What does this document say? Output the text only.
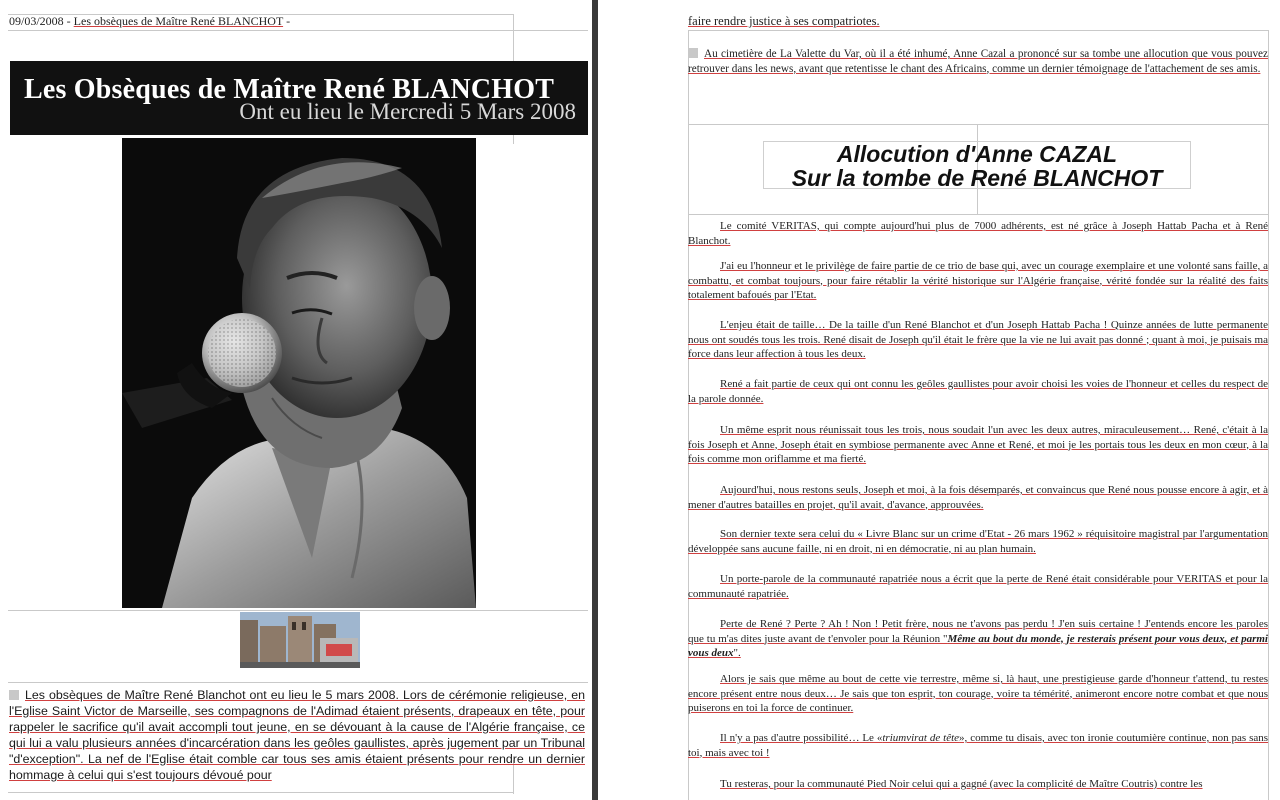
09/03/2008 - Les obsèques de Maître René BLANCHOT -
Les Obsèques de Maître René BLANCHOT
Ont eu lieu le Mercredi 5 Mars 2008
Les obsèques de Maître René Blanchot ont eu lieu le 5 mars 2008. Lors de cérémonie religieuse, en l'Eglise Saint Victor de Marseille, ses compagnons de l'Adimad étaient présents, drapeaux en tête, pour rappeler le sacrifice qu'il avait accompli tout jeune, en se dévouant à la cause de l'Algérie française, ce qui lui a valu plusieurs années d'incarcération dans les geôles gaullistes, après jugement par un Tribunal "d'exception". La nef de l'Eglise était comble car tous ses amis étaient présents pour rendre un dernier hommage à celui qui s'est toujours dévoué pour
faire rendre justice à ses compatriotes.
Au cimetière de La Valette du Var, où il a été inhumé, Anne Cazal a prononcé sur sa tombe une allocution que vous pouvez retrouver dans les news, avant que retentisse le chant des Africains, comme un dernier témoignage de l'attachement de ses amis.
Allocution d'Anne CAZAL
Sur la tombe de René BLANCHOT
Le comité VERITAS, qui compte aujourd'hui plus de 7000 adhérents, est né grâce à Joseph Hattab Pacha et à René Blanchot.
J'ai eu l'honneur et le privilège de faire partie de ce trio de base qui, avec un courage exemplaire et une volonté sans faille, a combattu, et combat toujours, pour faire rétablir la vérité historique sur l'Algérie française, vérité fondée sur la réalité des faits totalement bafoués par l'Etat.
L'enjeu était de taille… De la taille d'un René Blanchot et d'un Joseph Hattab Pacha ! Quinze années de lutte permanente nous ont soudés tous les trois. René disait de Joseph qu'il était le frère que la vie ne lui avait pas donné ; quant à moi, je puisais ma force dans leur affection à tous les deux.
René a fait partie de ceux qui ont connu les geôles gaullistes pour avoir choisi les voies de l'honneur et celles du respect de la parole donnée.
Un même esprit nous réunissait tous les trois, nous soudait l'un avec les deux autres, miraculeusement… René, c'était à la fois Joseph et Anne, Joseph était en symbiose permanente avec Anne et René, et moi je les portais tous les deux en mon cœur, à la fois comme mon oriflamme et ma fierté.
Aujourd'hui, nous restons seuls, Joseph et moi, à la fois désemparés, et convaincus que René nous pousse encore à agir, et à mener d'autres batailles en projet, qu'il avait, d'avance, approuvées.
Son dernier texte sera celui du « Livre Blanc sur un crime d'Etat - 26 mars 1962 » réquisitoire magistral par l'argumentation développée sans aucune faille, ni en droit, ni en démocratie, ni au plan humain.
Un porte-parole de la communauté rapatriée nous a écrit que la perte de René était considérable pour VERITAS et pour la communauté rapatriée.
Perte de René ? Perte ? Ah ! Non ! Petit frère, nous ne t'avons pas perdu ! J'en suis certaine ! J'entends encore les paroles que tu m'as dites juste avant de t'envoler pour la Réunion "Même au bout du monde, je resterais présent pour vous deux, et parmi vous deux".
Alors je sais que même au bout de cette vie terrestre, même si, là haut, une prestigieuse garde d'honneur t'attend, tu restes encore présent entre nous deux… Je sais que ton esprit, ton courage, voire ta témérité, animeront encore notre combat et que nous puiserons en toi la force de continuer.
Il n'y a pas d'autre possibilité… Le «triumvirat de tête», comme tu disais, avec ton ironie coutumière continue, non pas sans toi, mais avec toi !
Tu resteras, pour la communauté Pied Noir celui qui a gagné (avec la complicité de Maître Coutris) contre les
